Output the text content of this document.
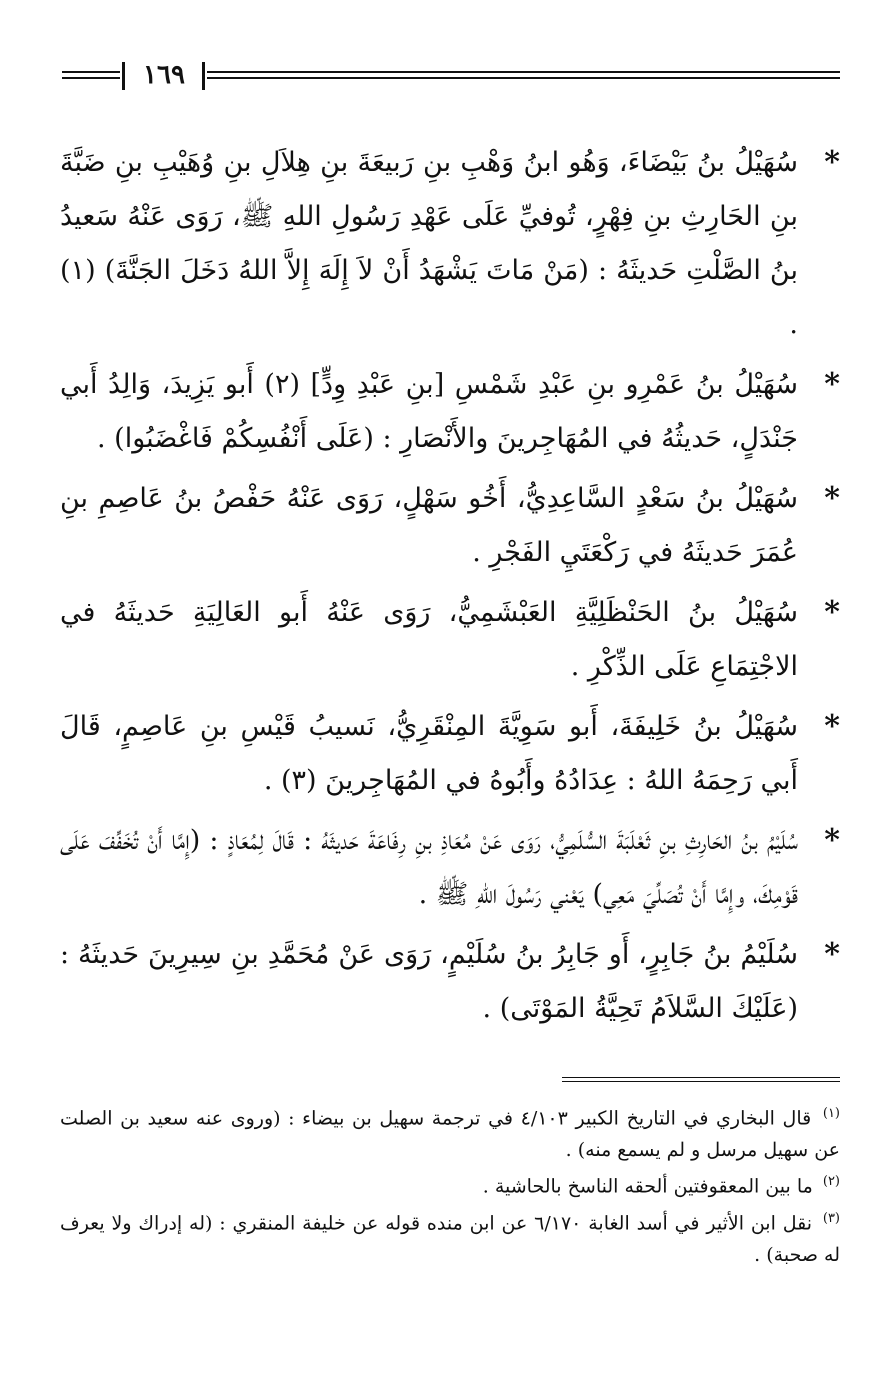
١٦٩
*
سُهَيْلُ بنُ بَيْضَاءَ، وَهُو ابنُ وَهْبِ بنِ رَبيعَةَ بنِ هِلاَلِ بنِ وُهَيْبِ بنِ ضَبَّةَ بنِ الحَارِثِ بنِ فِهْرٍ، تُوفيِّ عَلَى عَهْدِ رَسُولِ اللهِ ﷺ، رَوَى عَنْهُ سَعيدُ بنُ الصَّلْتِ حَديثَهُ : (مَنْ مَاتَ يَشْهَدُ أَنْ لاَ إِلَهَ إِلاَّ اللهُ دَخَلَ الجَنَّةَ) (١) .
*
سُهَيْلُ بنُ عَمْرِو بنِ عَبْدِ شَمْسِ [بنِ عَبْدِ وِدٍّ] (٢) أَبو يَزِيدَ، وَالِدُ أَبي جَنْدَلٍ، حَديثُهُ في المُهَاجِرينَ والأَنْصَارِ : (عَلَى أَنْفُسِكُمْ فَاغْضَبُوا) .
*
سُهَيْلُ بنُ سَعْدٍ السَّاعِدِيُّ، أَخُو سَهْلٍ، رَوَى عَنْهُ حَفْصُ بنُ عَاصِمِ بنِ عُمَرَ حَديثَهُ في رَكْعَتَيِ الفَجْرِ .
*
سُهَيْلُ بنُ الحَنْظَلِيَّةِ العَبْشَمِيُّ، رَوَى عَنْهُ أَبو العَالِيَةِ حَديثَهُ في الاجْتِمَاعِ عَلَى الذِّكْرِ .
*
سُهَيْلُ بنُ خَلِيفَةَ، أَبو سَوِيَّةَ المِنْقَرِيُّ، نَسيبُ قَيْسِ بنِ عَاصِمٍ، قَالَ أَبي رَحِمَهُ اللهُ : عِدَادُهُ وأَبُوهُ في المُهَاجِرينَ (٣) .
*
سُلَيْمُ بنُ الحَارِثِ بنِ ثَعْلَبَةَ السُّلَمِيُّ، رَوَى عَنْ مُعَاذِ بنِ رِفَاعَةَ حَديثَهُ : قَالَ لِمُعَاذٍ : (إِمَّا أَنْ تُخَفِّفَ عَلَى قَوْمِكَ، وإِمَّا أَنْ تُصَلِّيَ مَعِي) يَعْني رَسُولَ اللهِ ﷺ .
*
سُلَيْمُ بنُ جَابِرٍ، أَو جَابِرُ بنُ سُلَيْمٍ، رَوَى عَنْ مُحَمَّدِ بنِ سِيرِينَ حَديثَهُ : (عَلَيْكَ السَّلاَمُ تَحِيَّةُ المَوْتَى) .
$^{(١)}$ قال البخاري في التاريخ الكبير ٤/١٠٣ في ترجمة سهيل بن بيضاء : (وروى عنه سعيد بن الصلت عن سهيل مرسل و لم يسمع منه) .
$^{(٢)}$ ما بين المعقوفتين ألحقه الناسخ بالحاشية .
$^{(٣)}$ نقل ابن الأثير في أسد الغابة ٦/١٧٠ عن ابن منده قوله عن خليفة المنقري : (له إدراك ولا يعرف له صحبة) .
